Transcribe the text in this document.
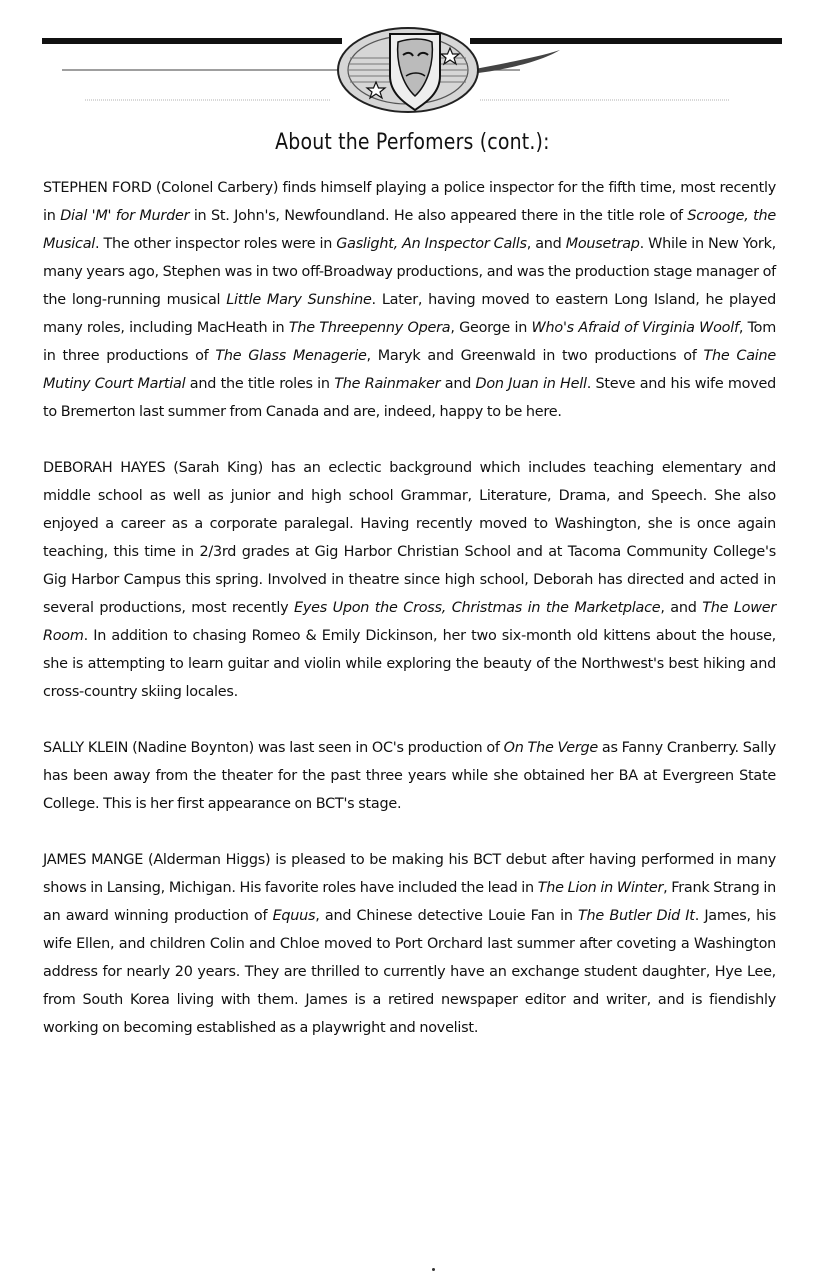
About the Perfomers (cont.):

STEPHEN FORD (Colonel Carbery) finds himself playing a police inspector for the fifth time, most recently in Dial 'M' for Murder in St. John's, Newfoundland. He also appeared there in the title role of Scrooge, the Musical. The other inspector roles were in Gaslight, An Inspector Calls, and Mousetrap. While in New York, many years ago, Stephen was in two off-Broadway productions, and was the production stage manager of the long-running musical Little Mary Sunshine. Later, having moved to eastern Long Island, he played many roles, including MacHeath in The Threepenny Opera, George in Who's Afraid of Virginia Woolf, Tom in three productions of The Glass Menagerie, Maryk and Greenwald in two productions of The Caine Mutiny Court Martial and the title roles in The Rainmaker and Don Juan in Hell. Steve and his wife moved to Bremerton last summer from Canada and are, indeed, happy to be here.

DEBORAH HAYES (Sarah King) has an eclectic background which includes teaching elementary and middle school as well as junior and high school Grammar, Literature, Drama, and Speech. She also enjoyed a career as a corporate paralegal. Having recently moved to Washington, she is once again teaching, this time in 2/3rd grades at Gig Harbor Christian School and at Tacoma Community College's Gig Harbor Campus this spring. Involved in theatre since high school, Deborah has directed and acted in several productions, most recently Eyes Upon the Cross, Christmas in the Marketplace, and The Lower Room. In addition to chasing Romeo & Emily Dickinson, her two six-month old kittens about the house, she is attempting to learn guitar and violin while exploring the beauty of the Northwest's best hiking and cross-country skiing locales.

SALLY KLEIN (Nadine Boynton) was last seen in OC's production of On The Verge as Fanny Cranberry. Sally has been away from the theater for the past three years while she obtained her BA at Evergreen State College. This is her first appearance on BCT's stage.

JAMES MANGE (Alderman Higgs) is pleased to be making his BCT debut after having performed in many shows in Lansing, Michigan. His favorite roles have included the lead in The Lion in Winter, Frank Strang in an award winning production of Equus, and Chinese detective Louie Fan in The Butler Did It. James, his wife Ellen, and children Colin and Chloe moved to Port Orchard last summer after coveting a Washington address for nearly 20 years. They are thrilled to currently have an exchange student daughter, Hye Lee, from South Korea living with them. James is a retired newspaper editor and writer, and is fiendishly working on becoming established as a playwright and novelist.
